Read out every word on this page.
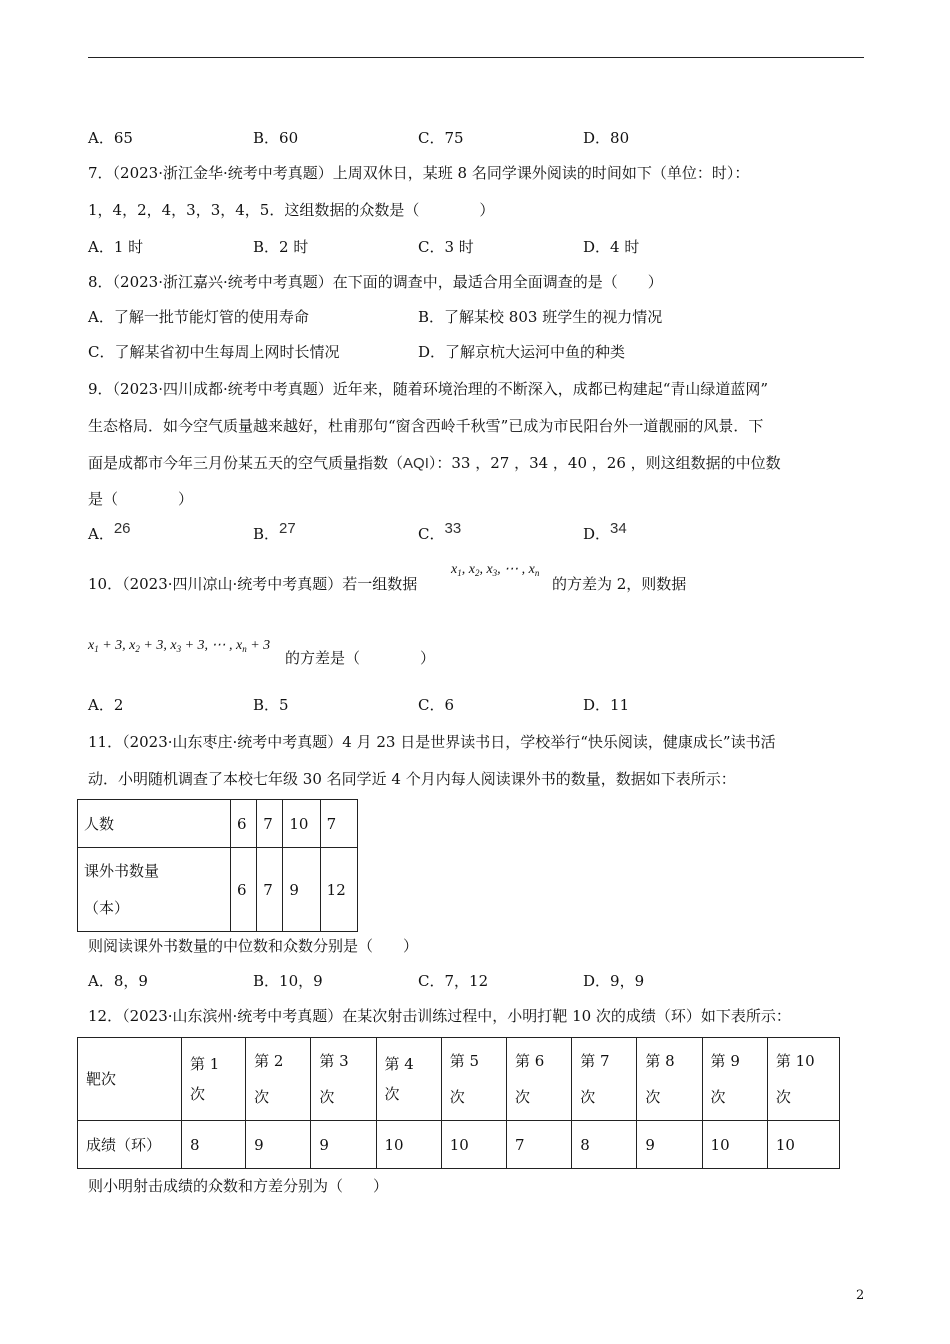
A．65	B．60	C．75	D．80
7．（2023·浙江金华·统考中考真题）上周双休日，某班 8 名同学课外阅读的时间如下（单位：时）：
1，4，2，4，3，3，4，5．这组数据的众数是（　　　　）
A．1 时	B．2 时	C．3 时	D．4 时
8．（2023·浙江嘉兴·统考中考真题）在下面的调查中，最适合用全面调查的是（　　）
A．了解一批节能灯管的使用寿命	B．了解某校 803 班学生的视力情况
C．了解某省初中生每周上网时长情况	D．了解京杭大运河中鱼的种类
9．（2023·四川成都·统考中考真题）近年来，随着环境治理的不断深入，成都已构建起“青山绿道蓝网”
生态格局．如今空气质量越来越好，杜甫那句“窗含西岭千秋雪”已成为市民阳台外一道靓丽的风景．下
面是成都市今年三月份某五天的空气质量指数（AQI）：33 ，27 ，34 ，40 ，26 ，则这组数据的中位数
是（　　　　）
A．26	B．27	C．33	D．34
10．（2023·四川凉山·统考中考真题）若一组数据
$x_1$, $x_2$, $x_3$, ⋯ , $x_n$
的方差为 2，则数据
$x_1 + 3$, $x_2 + 3$, $x_3 + 3$, ⋯ , $x_n + 3$
的方差是（　　　　）
A．2	B．5	C．6	D．11
11．（2023·山东枣庄·统考中考真题）4 月 23 日是世界读书日，学校举行“快乐阅读，健康成长”读书活
动．小明随机调查了本校七年级 30 名同学近 4 个月内每人阅读课外书的数量，数据如下表所示：
人数	6	7	10	7

课外书数量
（本）	6	7	9	12
则阅读课外书数量的中位数和众数分别是（　　）
A．8，9	B．10，9	C．7，12	D．9，9
12．（2023·山东滨州·统考中考真题）在某次射击训练过程中，小明打靶 10 次的成绩（环）如下表所示：
靶次	第 1 次	第 2 次	第 3 次	第 4 次	第 5 次	第 6 次	第 7 次	第 8 次	第 9 次	第 10 次
成绩（环）	8	9	9	10	10	7	8	9	10	10
则小明射击成绩的众数和方差分别为（　　）
2
